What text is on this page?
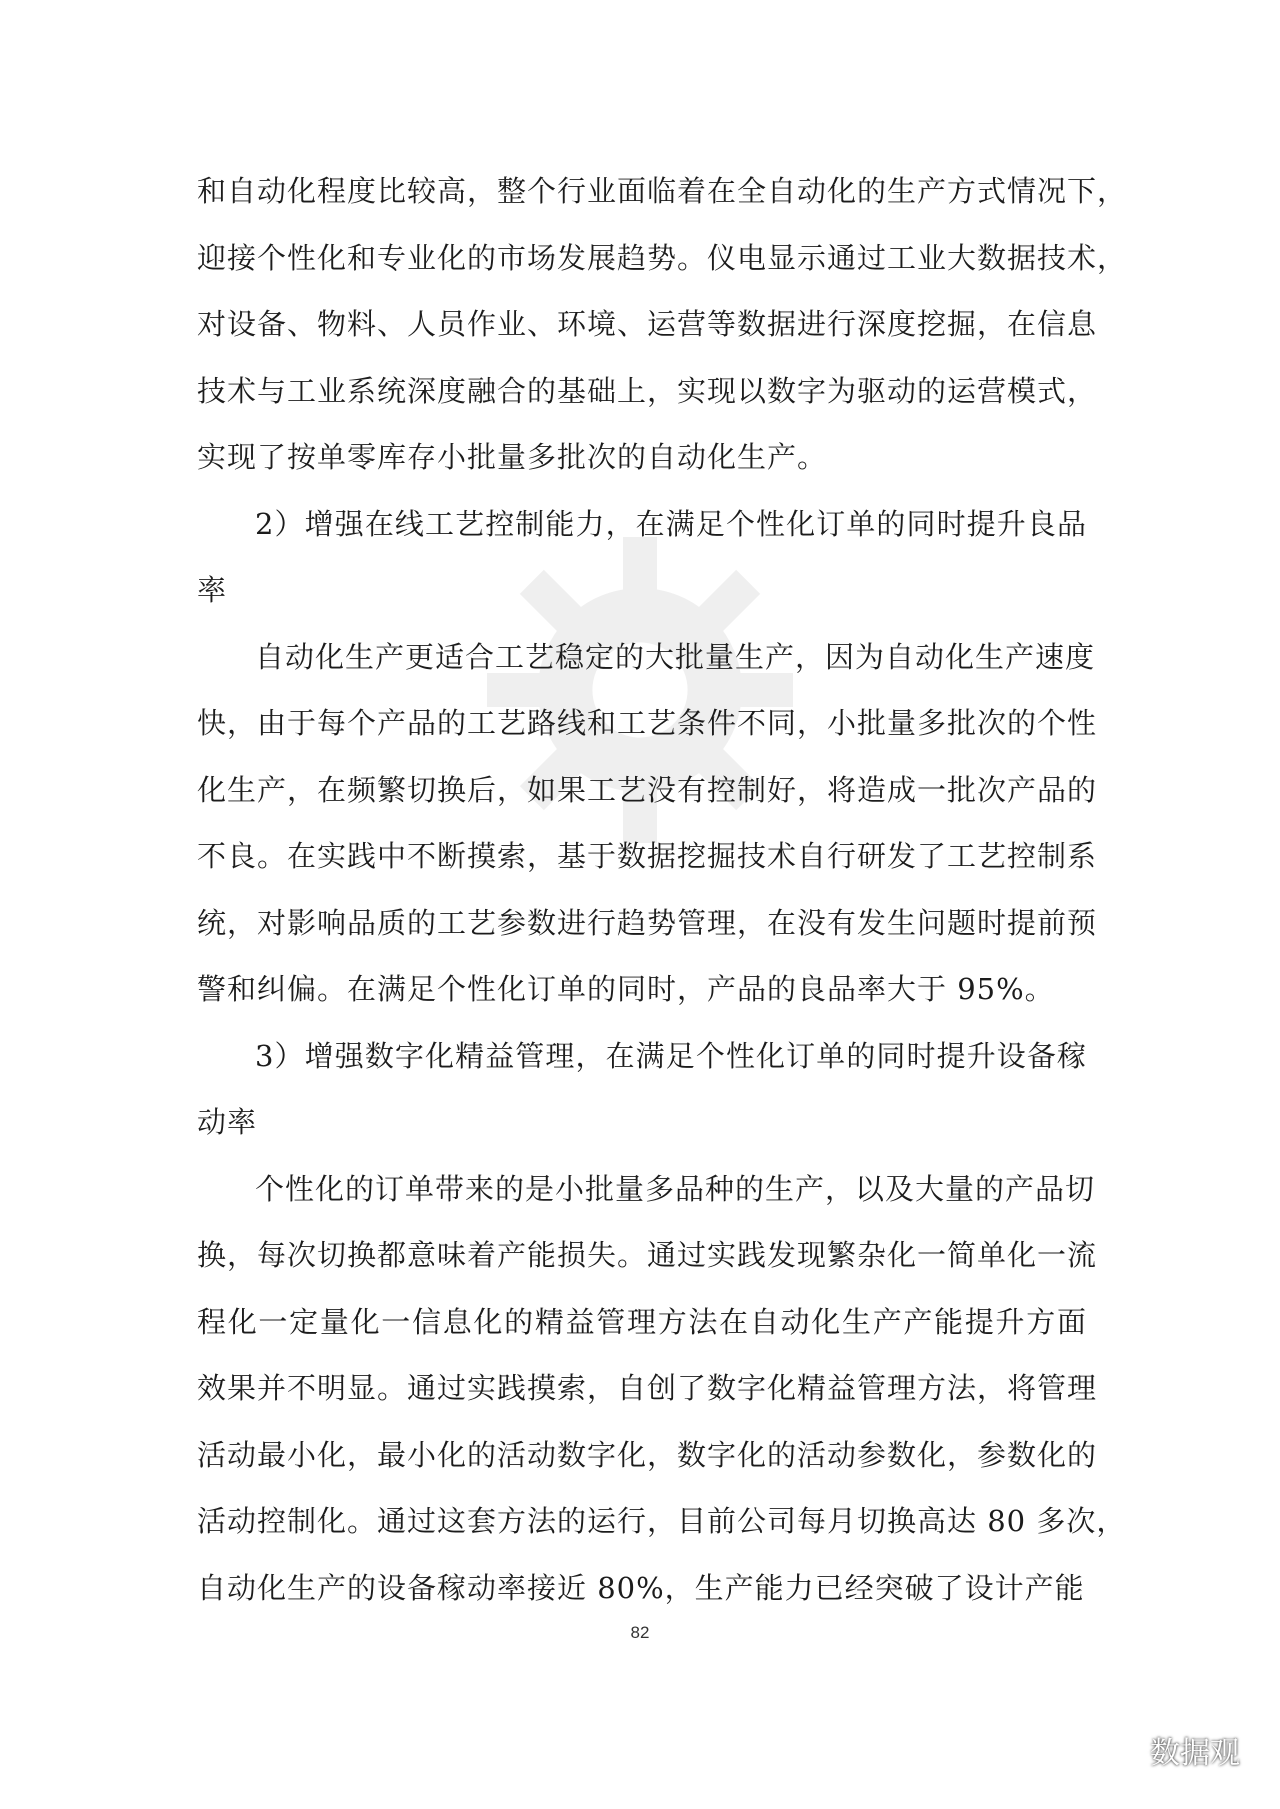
和自动化程度比较高，整个行业面临着在全自动化的生产方式情况下，
迎接个性化和专业化的市场发展趋势。仪电显示通过工业大数据技术，
对设备、物料、人员作业、环境、运营等数据进行深度挖掘，在信息
技术与工业系统深度融合的基础上，实现以数字为驱动的运营模式，
实现了按单零库存小批量多批次的自动化生产。
2）增强在线工艺控制能力，在满足个性化订单的同时提升良品
率
自动化生产更适合工艺稳定的大批量生产，因为自动化生产速度
快，由于每个产品的工艺路线和工艺条件不同，小批量多批次的个性
化生产，在频繁切换后，如果工艺没有控制好，将造成一批次产品的
不良。在实践中不断摸索，基于数据挖掘技术自行研发了工艺控制系
统，对影响品质的工艺参数进行趋势管理，在没有发生问题时提前预
警和纠偏。在满足个性化订单的同时，产品的良品率大于 95%。
3）增强数字化精益管理，在满足个性化订单的同时提升设备稼
动率
个性化的订单带来的是小批量多品种的生产，以及大量的产品切
换，每次切换都意味着产能损失。通过实践发现繁杂化一简单化一流
程化一定量化一信息化的精益管理方法在自动化生产产能提升方面
效果并不明显。通过实践摸索，自创了数字化精益管理方法，将管理
活动最小化，最小化的活动数字化，数字化的活动参数化，参数化的
活动控制化。通过这套方法的运行，目前公司每月切换高达 80 多次，
自动化生产的设备稼动率接近 80%，生产能力已经突破了设计产能
82
数据观
